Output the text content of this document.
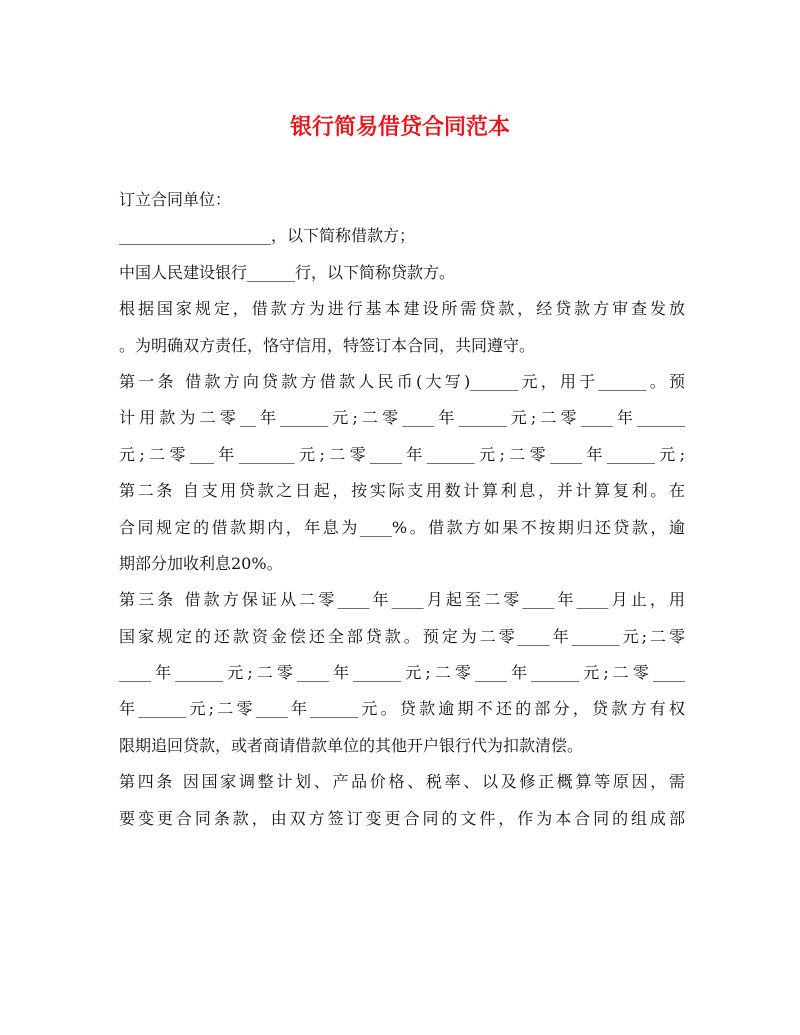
银行简易借贷合同范本
订立合同单位：
___________________，以下简称借款方；
中国人民建设银行______行，以下简称贷款方。
根据国家规定，借款方为进行基本建设所需贷款，经贷款方审查发放
。为明确双方责任，恪守信用，特签订本合同，共同遵守。
第一条 借款方向贷款方借款人民币(大写)______元，用于______。预
计用款为二零__年______元;二零____年______元;二零____年______
元;二零___年_______元;二零____年______元;二零____年______元;
第二条 自支用贷款之日起，按实际支用数计算利息，并计算复利。在
合同规定的借款期内，年息为____%。借款方如果不按期归还贷款，逾
期部分加收利息20%。
第三条 借款方保证从二零____年____月起至二零____年____月止，用
国家规定的还款资金偿还全部贷款。预定为二零____年______元;二零
____年______元;二零____年______元;二零____年______元;二零____
年______元;二零____年______元。贷款逾期不还的部分，贷款方有权
限期追回贷款，或者商请借款单位的其他开户银行代为扣款清偿。
第四条 因国家调整计划、产品价格、税率、以及修正概算等原因，需
要变更合同条款，由双方签订变更合同的文件，作为本合同的组成部
